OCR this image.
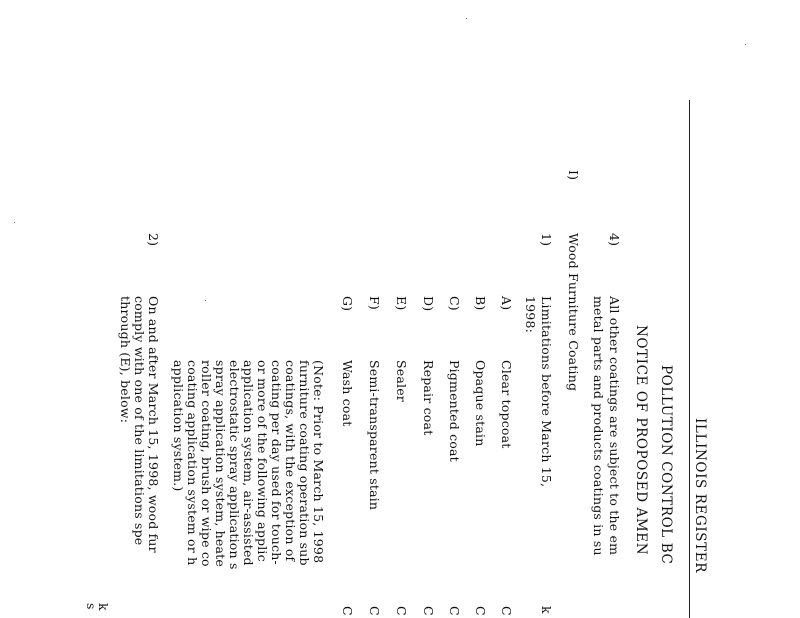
ILLINOIS REGISTER
POLLUTION CONTROL BC
NOTICE OF PROPOSED AMEN
4)
All other coatings are subject to the em
metal parts and products coatings in su
I)
Wood Furniture Coating
1)
Limitations before March 15,
1998:
k
A)
Clear topcoat
C
B)
Opaque stain
C
C)
Pigmented coat
C
D)
Repair coat
C
E)
Sealer
C
F)
Semi-transparent stain
C
G)
Wash coat
C
(Note: Prior to March 15, 1998
furniture coating operation sub
coatings, with the exception of
coating per day used for touch-
or more of the following applic
application system, air-assisted
electrostatic spray application s
spray application system, heate
roller coating, brush or wipe co
coating application system or h
application system.)
2)
On and after March 15, 1998, wood fur
comply with one of the limitations spe
through (E), below:
k
s
